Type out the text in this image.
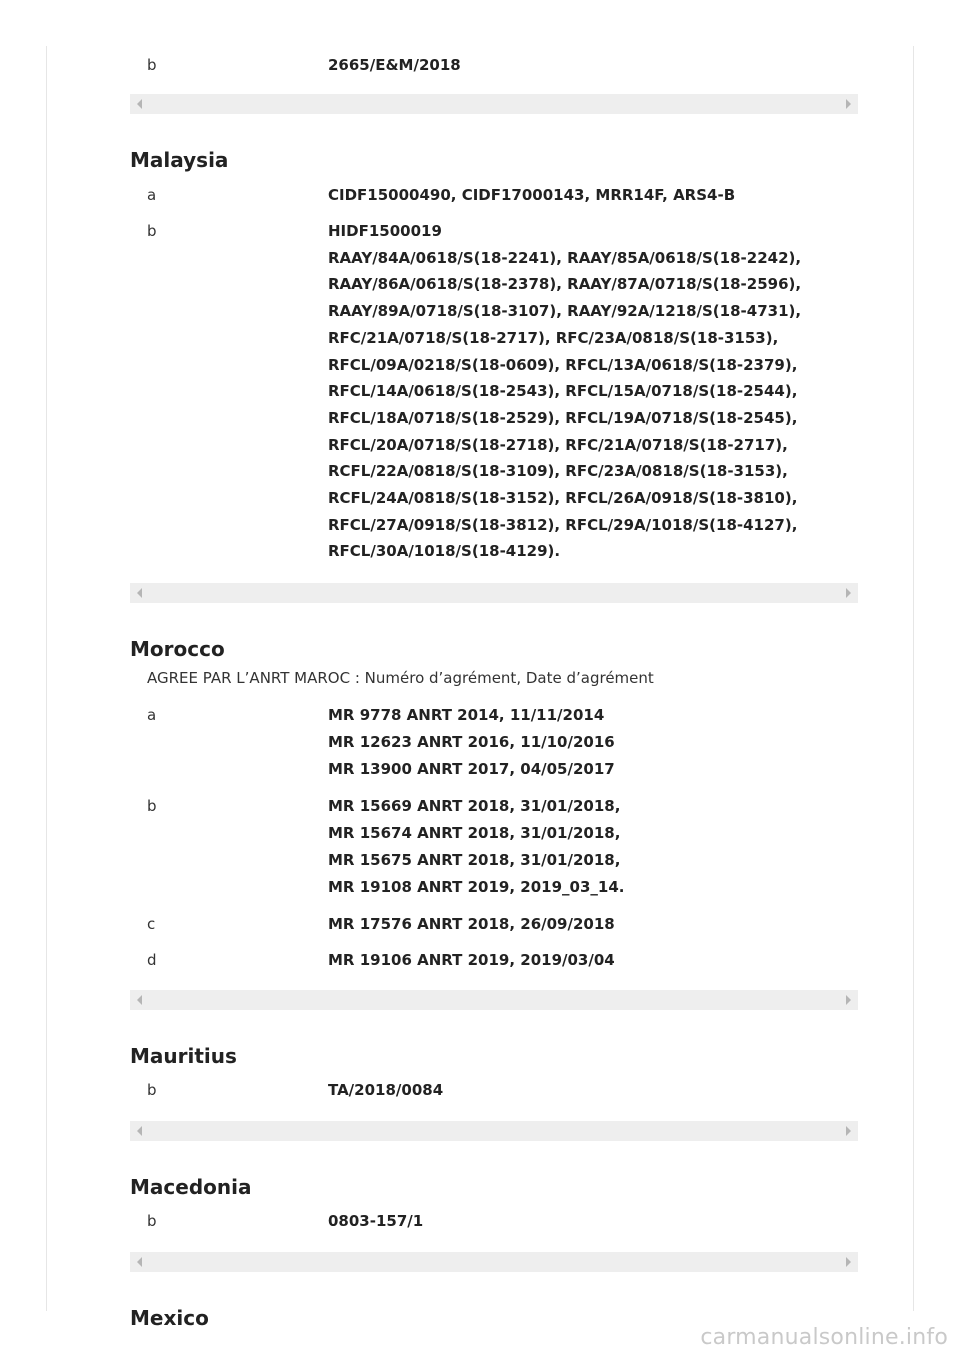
b	2665/E&M/2018
Malaysia
a	CIDF15000490, CIDF17000143, MRR14F, ARS4-B
b	HIDF1500019
RAAY/84A/0618/S(18-2241), RAAY/85A/0618/S(18-2242),
RAAY/86A/0618/S(18-2378), RAAY/87A/0718/S(18-2596),
RAAY/89A/0718/S(18-3107), RAAY/92A/1218/S(18-4731),
RFC/21A/0718/S(18-2717), RFC/23A/0818/S(18-3153),
RFCL/09A/0218/S(18-0609), RFCL/13A/0618/S(18-2379),
RFCL/14A/0618/S(18-2543), RFCL/15A/0718/S(18-2544),
RFCL/18A/0718/S(18-2529), RFCL/19A/0718/S(18-2545),
RFCL/20A/0718/S(18-2718), RFC/21A/0718/S(18-2717),
RCFL/22A/0818/S(18-3109), RFC/23A/0818/S(18-3153),
RCFL/24A/0818/S(18-3152), RFCL/26A/0918/S(18-3810),
RFCL/27A/0918/S(18-3812), RFCL/29A/1018/S(18-4127),
RFCL/30A/1018/S(18-4129).
Morocco
AGREE PAR L’ANRT MAROC : Numéro d’agrément, Date d’agrément
a	MR 9778 ANRT 2014, 11/11/2014
MR 12623 ANRT 2016, 11/10/2016
MR 13900 ANRT 2017, 04/05/2017
b	MR 15669 ANRT 2018, 31/01/2018,
MR 15674 ANRT 2018, 31/01/2018,
MR 15675 ANRT 2018, 31/01/2018,
MR 19108 ANRT 2019, 2019_03_14.
c	MR 17576 ANRT 2018, 26/09/2018
d	MR 19106 ANRT 2019, 2019/03/04
Mauritius
b	TA/2018/0084
Macedonia
b	0803-157/1
Mexico
carmanualsonline.info
